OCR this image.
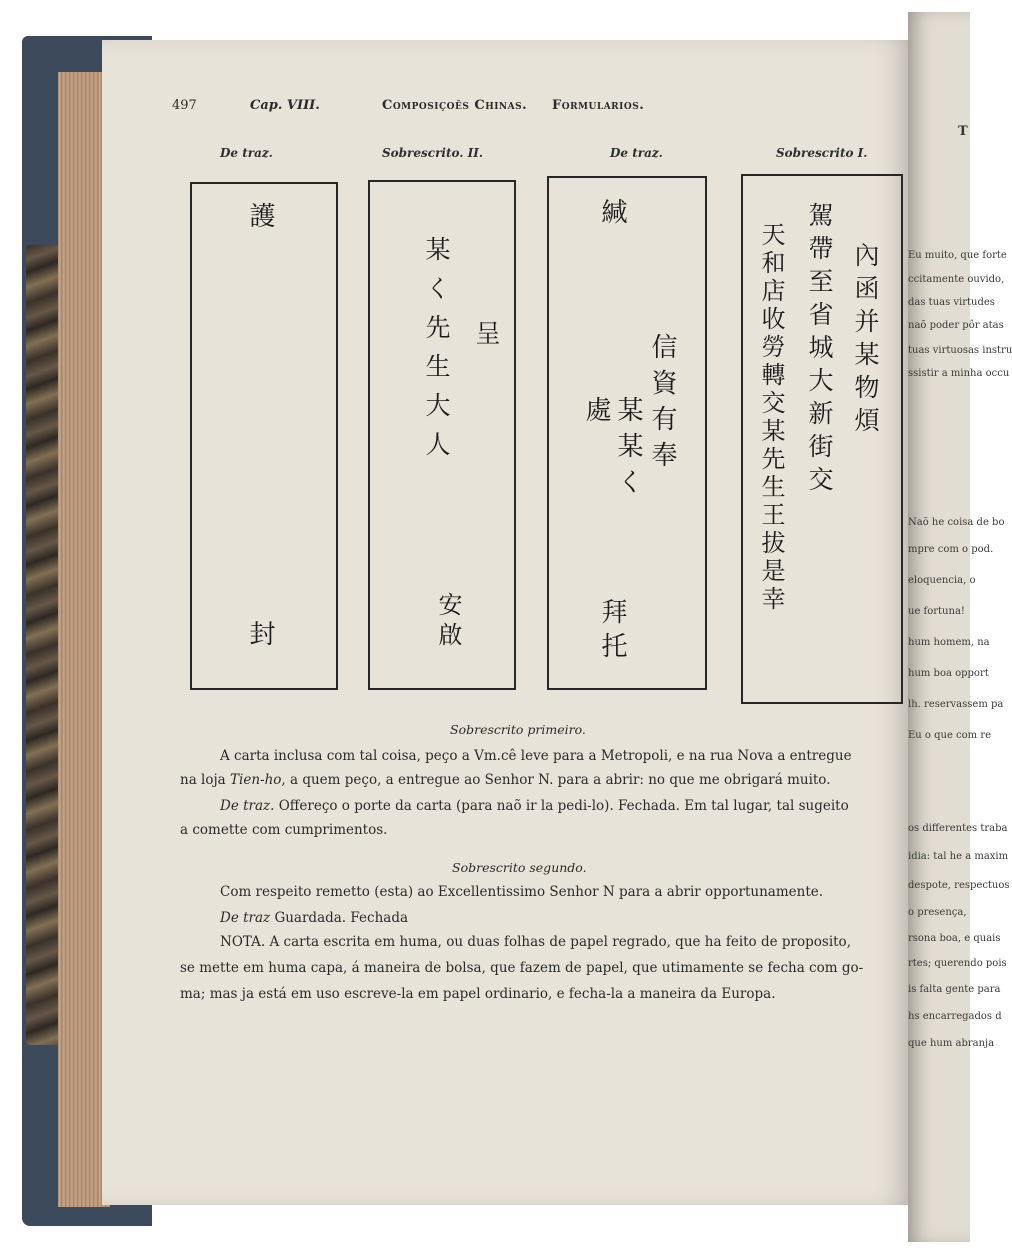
T
Eu muito, que forte
ccitamente ouvido,
das tuas virtudes
naõ poder pôr atas
tuas virtuosas instru
ssistir a minha occu
Naõ he coisa de bo
mpre com o pod.
eloquencia, o
ue fortuna!
hum homem, na
hum boa opport
lh. reservassem pa
Eu o que com re
os differentes traba
idia: tal he a maxim
despote, respectuos
o presença,
rsona boa, e quais
rtes; querendo pois
is falta gente para
hs encarregados d
que hum abranja
497	Cap. VIII.	Composiçoẽs Chinas. Formularios.
De traz.	Sobrescrito. II.	De traz.	Sobrescrito I.
護
封
某く先生大人 呈
安啟
緘
信資有奉
某某く
處
拜托
天和店收勞轉交某先生王拔是幸 駕帶至省城大新街交 內函并某物煩
Sobrescrito primeiro.
A carta inclusa com tal coisa, peço a Vm.cê leve para a Metropoli, e na rua Nova a entregue
na loja Tien-ho, a quem peço, a entregue ao Senhor N. para a abrir: no que me obrigará muito.
De traz. Offereço o porte da carta (para naõ ir la pedi-lo). Fechada. Em tal lugar, tal sugeito
a comette com cumprimentos.
Sobrescrito segundo.
Com respeito remetto (esta) ao Excellentissimo Senhor N para a abrir opportunamente.
De traz Guardada. Fechada
NOTA. A carta escrita em huma, ou duas folhas de papel regrado, que ha feito de proposito,
se mette em huma capa, á maneira de bolsa, que fazem de papel, que utimamente se fecha com go-
ma; mas ja está em uso escreve-la em papel ordinario, e fecha-la a maneira da Europa.
